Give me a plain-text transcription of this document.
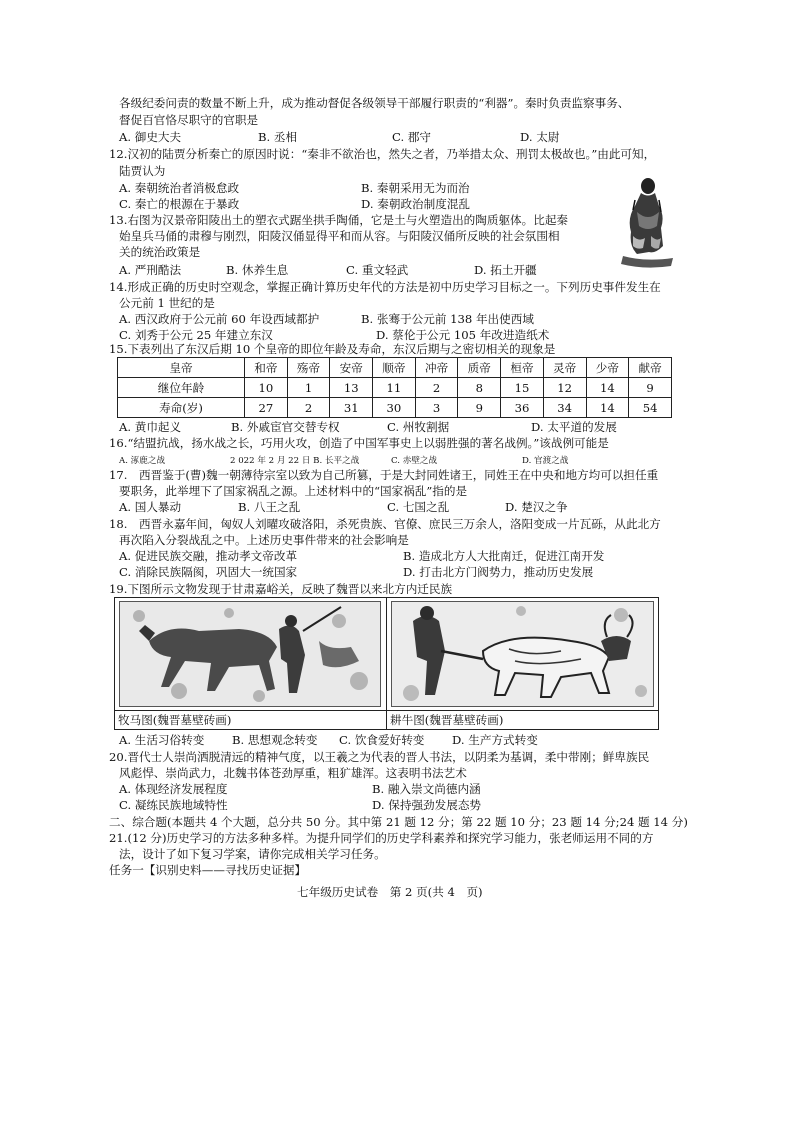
各级纪委问责的数量不断上升，成为推动督促各级领导干部履行职责的“利器”。秦时负责监察事务、
督促百官恪尽职守的官职是
A. 御史大夫	B. 丞相	C. 郡守	D. 太尉
12.汉初的陆贾分析秦亡的原因时说：“秦非不欲治也，然失之者，乃举措太众、刑罚太极故也。”由此可知，
陆贾认为
A. 秦朝统治者消极怠政	B. 秦朝采用无为而治
C. 秦亡的根源在于暴政	D. 秦朝政治制度混乱
13.右图为汉景帝阳陵出土的塑衣式踞坐拱手陶俑，它是土与火塑造出的陶质躯体。比起秦
始皇兵马俑的肃穆与刚烈，阳陵汉俑显得平和而从容。与阳陵汉俑所反映的社会氛围相
关的统治政策是
A. 严刑酷法	B. 休养生息	C. 重文轻武	D. 拓土开疆
14.形成正确的历史时空观念，掌握正确计算历史年代的方法是初中历史学习目标之一。下列历史事件发生在
公元前 1 世纪的是
A. 西汉政府于公元前 60 年设西域都护	B. 张骞于公元前 138 年出使西域
C. 刘秀于公元 25 年建立东汉	D. 蔡伦于公元 105 年改进造纸术
15.下表列出了东汉后期 10 个皇帝的即位年龄及寿命，东汉后期与之密切相关的现象是
皇帝	和帝	殇帝	安帝	顺帝	冲帝	质帝	桓帝	灵帝	少帝	献帝
继位年龄	10	1	13	11	2	8	15	12	14	9
寿命(岁)	27	2	31	30	3	9	36	34	14	54
A. 黄巾起义	B. 外戚宦官交替专权	C. 州牧割据	D. 太平道的发展
16.“结盟抗战，扬水战之长，巧用火攻，创造了中国军事史上以弱胜强的著名战例。”该战例可能是
A. 涿鹿之战	2 022 年 2 月 22 日 B. 长平之战	C. 赤壁之战	D. 官渡之战
17.　西晋鉴于(曹)魏一朝薄待宗室以致为自己所篡，于是大封同姓诸王，同姓王在中央和地方均可以担任重
要职务，此举埋下了国家祸乱之源。上述材料中的“国家祸乱”指的是
A. 国人暴动	B. 八王之乱	C. 七国之乱	D. 楚汉之争
18.　西晋永嘉年间，匈奴人刘曜攻破洛阳，杀死贵族、官僚、庶民三万余人，洛阳变成一片瓦砾，从此北方
再次陷入分裂战乱之中。上述历史事件带来的社会影响是
A. 促进民族交融，推动孝文帝改革	B. 造成北方人大批南迁，促进江南开发
C. 消除民族隔阂，巩固大一统国家	D. 打击北方门阀势力，推动历史发展
19.下图所示文物发现于甘肃嘉峪关，反映了魏晋以来北方内迁民族
牧马图(魏晋墓壁砖画)	耕牛图(魏晋墓壁砖画)
A. 生活习俗转变 B. 思想观念转变 C. 饮食爱好转变 D. 生产方式转变
20.晋代士人崇尚洒脱清远的精神气度，以王羲之为代表的晋人书法，以阴柔为基调，柔中带刚；鲜卑族民
风彪悍、崇尚武力，北魏书体苍劲厚重，粗犷雄浑。这表明书法艺术
A. 体现经济发展程度	B. 融入崇文尚德内涵
C. 凝练民族地域特性	D. 保持强劲发展态势
二、综合题(本题共 4 个大题，总分共 50 分。其中第 21 题 12 分；第 22 题 10 分；23 题 14 分;24 题 14 分)
21.(12 分)历史学习的方法多种多样。为提升同学们的历史学科素养和探究学习能力，张老师运用不同的方
法，设计了如下复习学案，请你完成相关学习任务。
任务一【识别史料——寻找历史证据】
七年级历史试卷　第 2 页(共 4　页)
